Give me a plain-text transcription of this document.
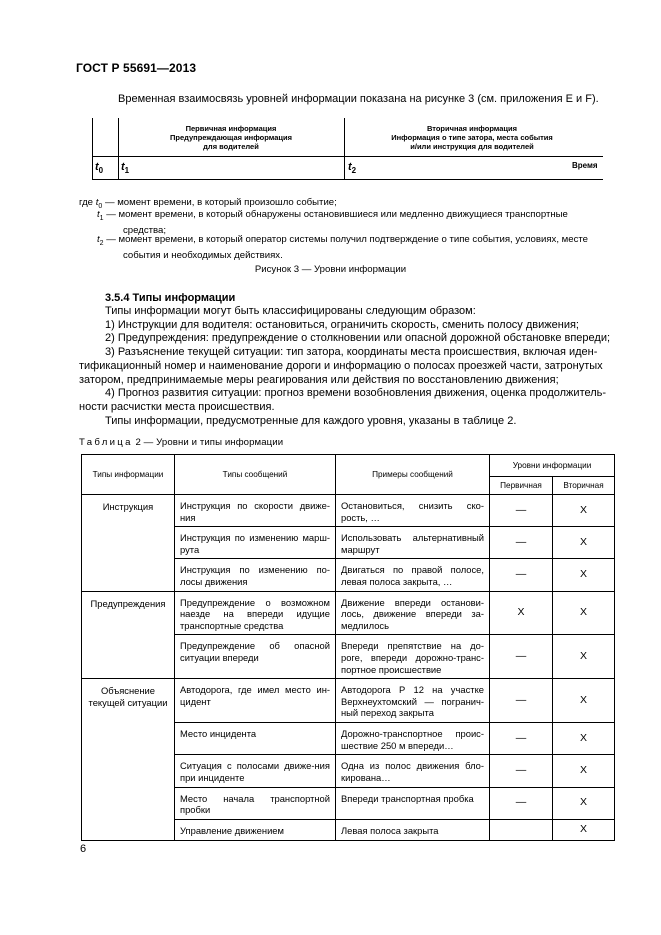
ГОСТ Р 55691—2013
Временная взаимосвязь уровней информации показана на рисунке 3 (см. приложения Е и F).
Первичная информация
Предупреждающая информация
для водителей
Вторичная информация
Информация о типе затора, места события
и/или инструкция для водителей
$t_0$ $t_1$	$t_2$
Время
где $t_0$ — момент времени, в который произошло событие;
$t_1$ — момент времени, в который обнаружены остановившиеся или медленно движущиеся транспортные
средства;
$t_2$ — момент времени, в который оператор системы получил подтверждение о типе события, условиях, месте
события и необходимых действиях.
Рисунок 3 — Уровни информации
3.5.4 Типы информации
Типы информации могут быть классифицированы следующим образом:
1) Инструкции для водителя: остановиться, ограничить скорость, сменить полосу движения;
2) Предупреждения: предупреждение о столкновении или опасной дорожной обстановке впереди;
3) Разъяснение текущей ситуации: тип затора, координаты места происшествия, включая иден-
тификационный номер и наименование дороги и информацию о полосах проезжей части, затронутых
затором, предпринимаемые меры реагирования или действия по восстановлению движения;
4) Прогноз развития ситуации: прогноз времени возобновления движения, оценка продолжитель-
ности расчистки места происшествия.
Типы информации, предусмотренные для каждого уровня, указаны в таблице 2.
Таблица 2 — Уровни и типы информации
Типы информации	Типы сообщений	Примеры сообщений	Уровни информации	
			Первичная	Вторичная
Инструкция	Инструкция по скорости движе-ния	Остановиться, снизить ско-рость, …	—	X

	Инструкция по изменению марш-рута	Использовать альтернативный маршрут	—	X

	Инструкция по изменению по-лосы движения	Двигаться по правой полосе, левая полоса закрыта, …	—	X
Предупреждения	Предупреждение о возможном наезде на впереди идущие транспортные средства	Движение впереди останови-лось, движение впереди за-медлилось	X	X

	Предупреждение об опасной ситуации впереди	Впереди препятствие на до-роге, впереди дорожно-транс-портное происшествие	—	X
Объяснение текущей ситуации	Автодорога, где имел место ин-цидент	Автодорога Р 12 на участке Верхнеухтомский — погранич-ный переход закрыта	—	X

	Место инцидента	Дорожно-транспортное проис-шествие 250 м впереди…	—	X

	Ситуация с полосами движе-ния при инциденте	Одна из полос движения бло-кирована…	—	X

	Место начала транспортной пробки	Впереди транспортная пробка	—	X

	Управление движением	Левая полоса закрыта		X
6
